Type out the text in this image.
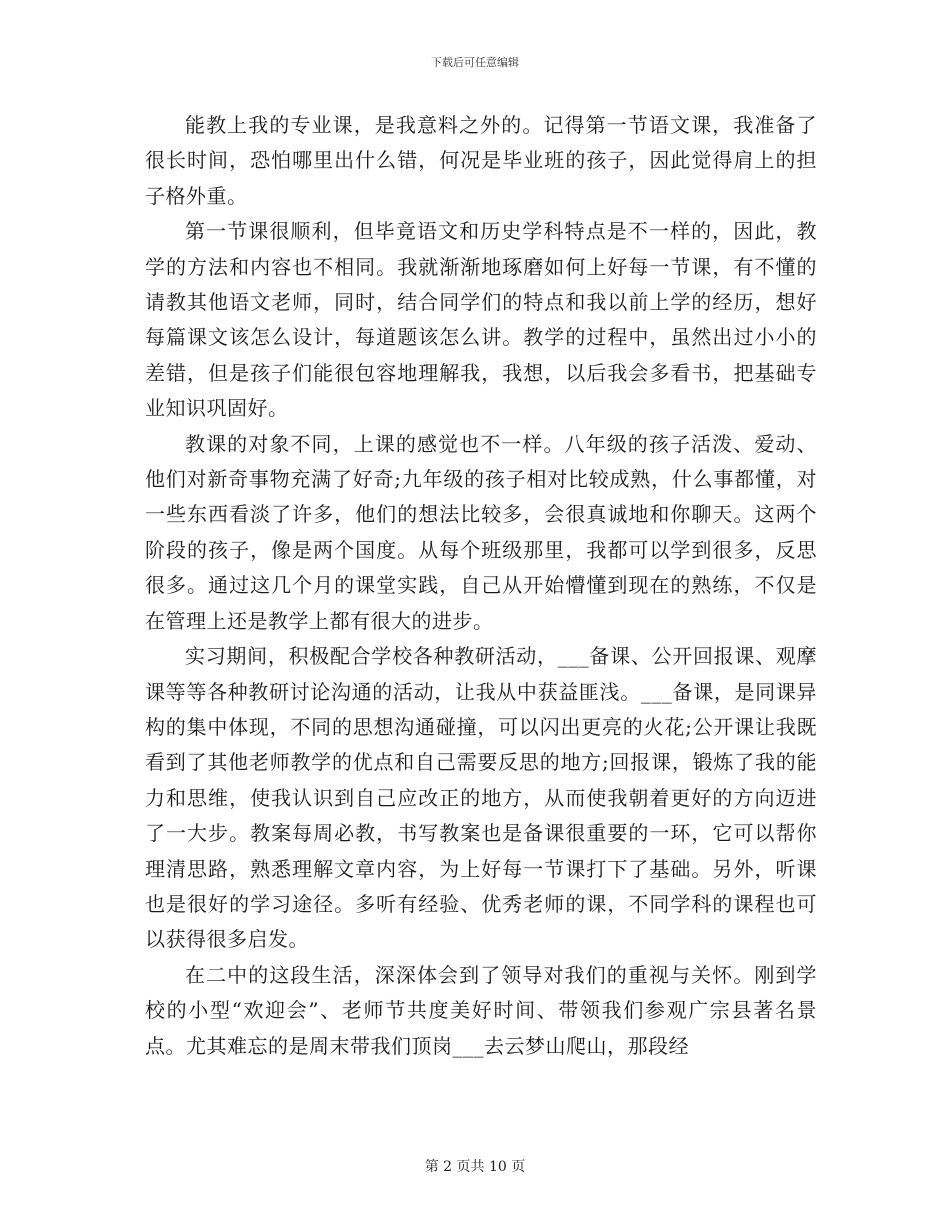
下载后可任意编辑

能教上我的专业课，是我意料之外的。记得第一节语文课，我准备了很长时间，恐怕哪里出什么错，何况是毕业班的孩子，因此觉得肩上的担子格外重。

第一节课很顺利，但毕竟语文和历史学科特点是不一样的，因此，教学的方法和内容也不相同。我就渐渐地琢磨如何上好每一节课，有不懂的请教其他语文老师，同时，结合同学们的特点和我以前上学的经历，想好每篇课文该怎么设计，每道题该怎么讲。教学的过程中，虽然出过小小的差错，但是孩子们能很包容地理解我，我想，以后我会多看书，把基础专业知识巩固好。

教课的对象不同，上课的感觉也不一样。八年级的孩子活泼、爱动、他们对新奇事物充满了好奇;九年级的孩子相对比较成熟，什么事都懂，对一些东西看淡了许多，他们的想法比较多，会很真诚地和你聊天。这两个阶段的孩子，像是两个国度。从每个班级那里，我都可以学到很多，反思很多。通过这几个月的课堂实践，自己从开始懵懂到现在的熟练，不仅是在管理上还是教学上都有很大的进步。

实习期间，积极配合学校各种教研活动，___备课、公开回报课、观摩课等等各种教研讨论沟通的活动，让我从中获益匪浅。___备课，是同课异构的集中体现，不同的思想沟通碰撞，可以闪出更亮的火花;公开课让我既看到了其他老师教学的优点和自己需要反思的地方;回报课，锻炼了我的能力和思维，使我认识到自己应改正的地方，从而使我朝着更好的方向迈进了一大步。教案每周必教，书写教案也是备课很重要的一环，它可以帮你理清思路，熟悉理解文章内容，为上好每一节课打下了基础。另外，听课也是很好的学习途径。多听有经验、优秀老师的课，不同学科的课程也可以获得很多启发。

在二中的这段生活，深深体会到了领导对我们的重视与关怀。刚到学校的小型“欢迎会”、老师节共度美好时间、带领我们参观广宗县著名景点。尤其难忘的是周末带我们顶岗___去云梦山爬山，那段经

第 2 页共 10 页
